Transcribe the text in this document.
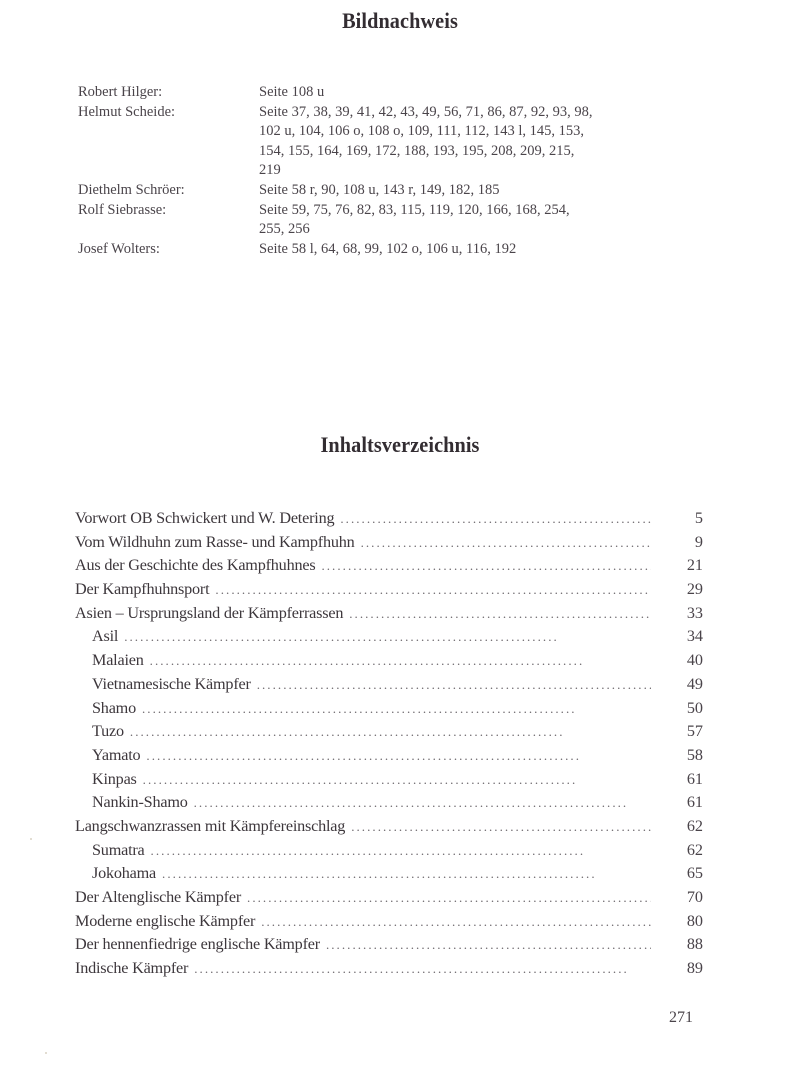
Bildnachweis
Robert Hilger:	Seite 108 u
Helmut Scheide:	Seite 37, 38, 39, 41, 42, 43, 49, 56, 71, 86, 87, 92, 93, 98,
102 u, 104, 106 o, 108 o, 109, 111, 112, 143 l, 145, 153,
154, 155, 164, 169, 172, 188, 193, 195, 208, 209, 215,
219
Diethelm Schröer:	Seite 58 r, 90, 108 u, 143 r, 149, 182, 185
Rolf Siebrasse:	Seite 59, 75, 76, 82, 83, 115, 119, 120, 166, 168, 254,
255, 256
Josef Wolters:	Seite 58 l, 64, 68, 99, 102 o, 106 u, 116, 192
Inhaltsverzeichnis
Vorwort OB Schwickert und W. Detering . . .	5
Vom Wildhuhn zum Rasse- und Kampfhuhn . . .	9
Aus der Geschichte des Kampfhuhnes . . .	21
Der Kampfhuhnsport . . .	29
Asien – Ursprungsland der Kämpferrassen . . .	33
Asil . . .	34
Malaien . . .	40
Vietnamesische Kämpfer . . .	49
Shamo . . .	50
Tuzo . . .	57
Yamato . . .	58
Kinpas . . .	61
Nankin-Shamo . . .	61
Langschwanzrassen mit Kämpfereinschlag . . .	62
Sumatra . . .	62
Jokohama . . .	65
Der Altenglische Kämpfer . . .	70
Moderne englische Kämpfer . . .	80
Der hennenfiedrige englische Kämpfer . . .	88
Indische Kämpfer . . .	89
271
